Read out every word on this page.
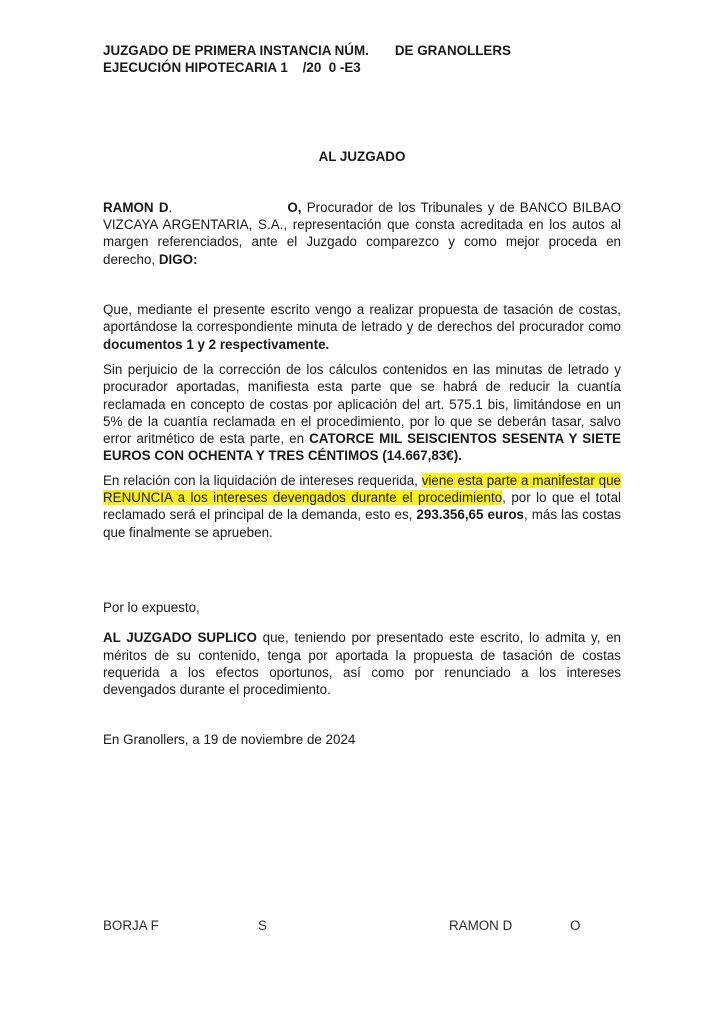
JUZGADO DE PRIMERA INSTANCIA NÚM.       DE GRANOLLERS
EJECUCIÓN HIPOTECARIA 1    /20  0 -E3
AL JUZGADO

RAMON D.                      O, Procurador de los Tribunales y de BANCO BILBAO VIZCAYA ARGENTARIA, S.A., representación que consta acreditada en los autos al margen referenciados, ante el Juzgado comparezco y como mejor proceda en derecho, DIGO:

Que, mediante el presente escrito vengo a realizar propuesta de tasación de costas, aportándose la correspondiente minuta de letrado y de derechos del procurador como documentos 1 y 2 respectivamente.

Sin perjuicio de la corrección de los cálculos contenidos en las minutas de letrado y procurador aportadas, manifiesta esta parte que se habrá de reducir la cuantía reclamada en concepto de costas por aplicación del art. 575.1 bis, limitándose en un 5% de la cuantía reclamada en el procedimiento, por lo que se deberán tasar, salvo error aritmético de esta parte, en CATORCE MIL SEISCIENTOS SESENTA Y SIETE EUROS CON OCHENTA Y TRES CÉNTIMOS (14.667,83€).

En relación con la liquidación de intereses requerida, viene esta parte a manifestar que RENUNCIA a los intereses devengados durante el procedimiento, por lo que el total reclamado será el principal de la demanda, esto es, 293.356,65 euros, más las costas que finalmente se aprueben.

Por lo expuesto,

AL JUZGADO SUPLICO que, teniendo por presentado este escrito, lo admita y, en méritos de su contenido, tenga por aportada la propuesta de tasación de costas requerida a los efectos oportunos, así como por renunciado a los intereses devengados durante el procedimiento.

En Granollers, a 19 de noviembre de 2024

BORJA F	S	RAMON D	O
